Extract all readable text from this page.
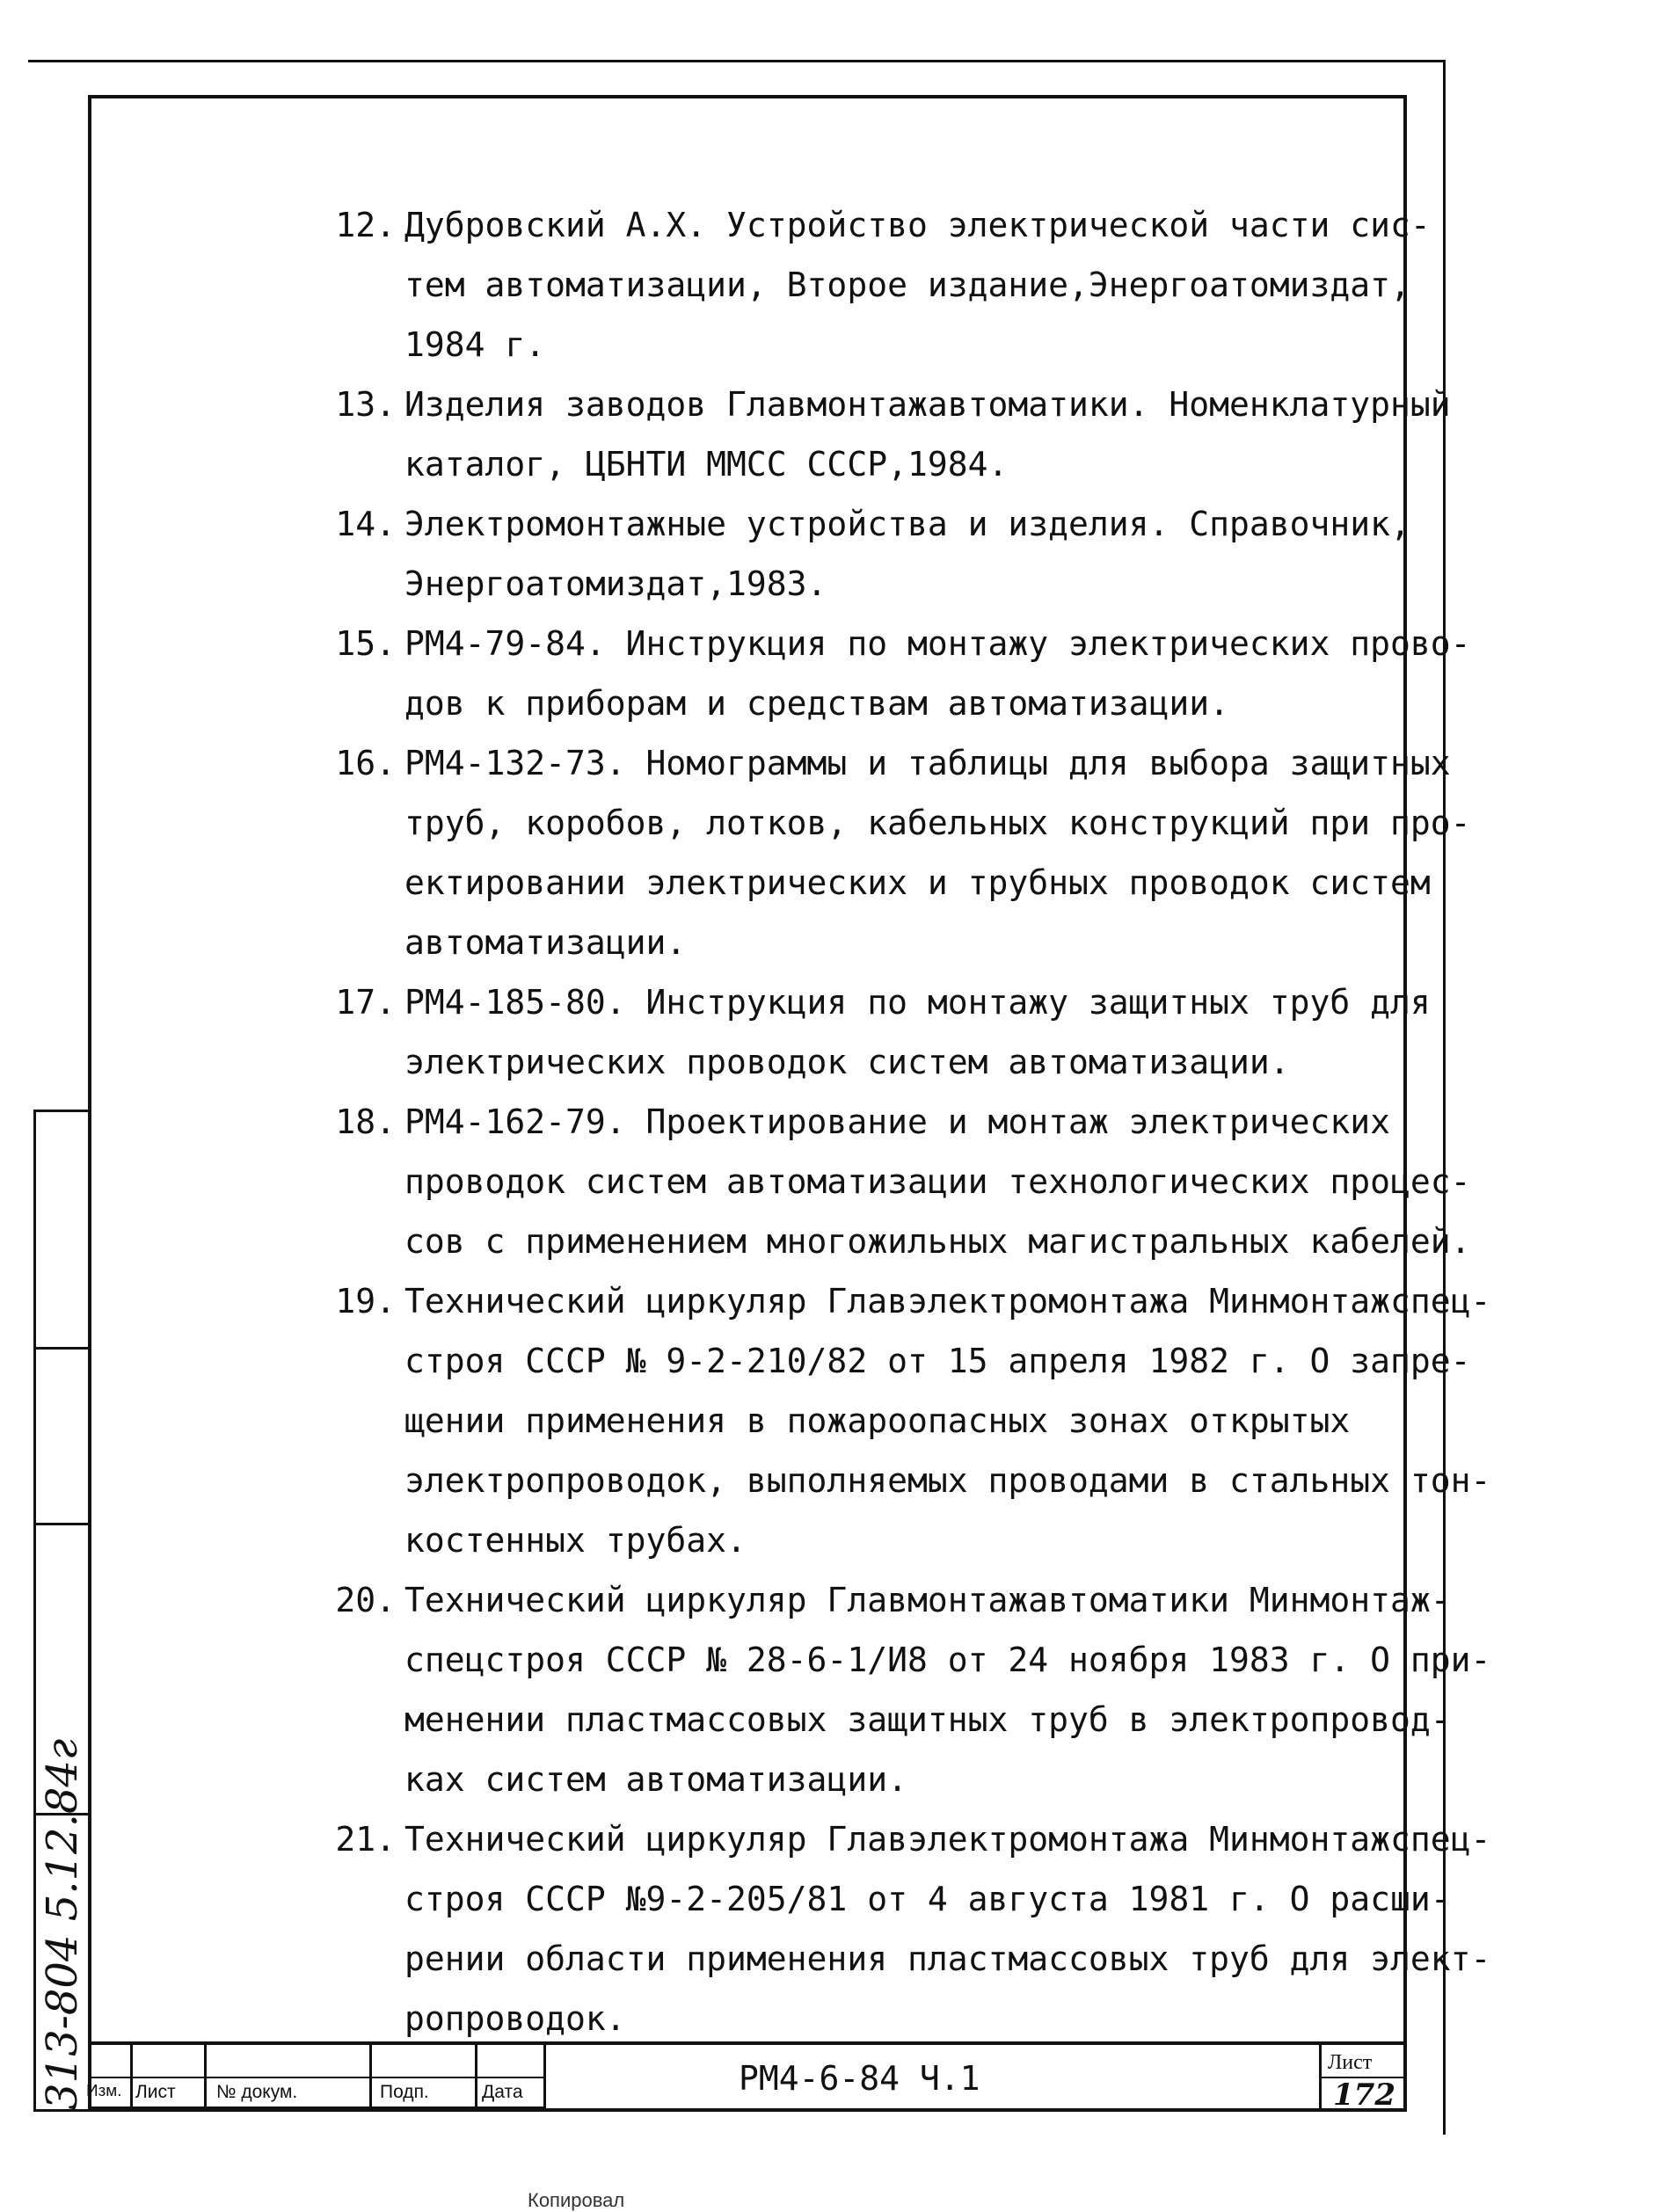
12. Дубровский А.Х. Устройство электрической части сис-
тем автоматизации, Второе издание,Энергоатомиздат,
1984 г.
13. Изделия заводов Главмонтажавтоматики. Номенклатурный
каталог, ЦБНТИ ММСС СССР,1984.
14. Электромонтажные устройства и изделия. Справочник,
Энергоатомиздат,1983.
15. РМ4-79-84. Инструкция по монтажу электрических прово-
дов к приборам и средствам автоматизации.
16. РМ4-132-73. Номограммы и таблицы для выбора защитных
труб, коробов, лотков, кабельных конструкций при про-
ектировании электрических и трубных проводок систем
автоматизации.
17. РМ4-185-80. Инструкция по монтажу защитных труб для
электрических проводок систем автоматизации.
18. РМ4-162-79. Проектирование и монтаж электрических
проводок систем автоматизации технологических процес-
сов с применением многожильных магистральных кабелей.
19. Технический циркуляр Главэлектромонтажа Минмонтажспец-
строя СССР № 9-2-210/82 от 15 апреля 1982 г. О запре-
щении применения в пожароопасных зонах открытых
электропроводок, выполняемых проводами в стальных тон-
костенных трубах.
20. Технический циркуляр Главмонтажавтоматики Минмонтаж-
спецстроя СССР № 28-6-1/И8 от 24 ноября 1983 г. О при-
менении пластмассовых защитных труб в электропровод-
ках систем автоматизации.
21. Технический циркуляр Главэлектромонтажа Минмонтажспец-
строя СССР №9-2-205/81 от 4 августа 1981 г. О расши-
рении области применения пластмассовых труб для элект-
ропроводок.
313-804 5.12.84г Изм. Лист № докум.	Подп.	Дата	РМ4-6-84 Ч.1	Лист
172
Копировал
